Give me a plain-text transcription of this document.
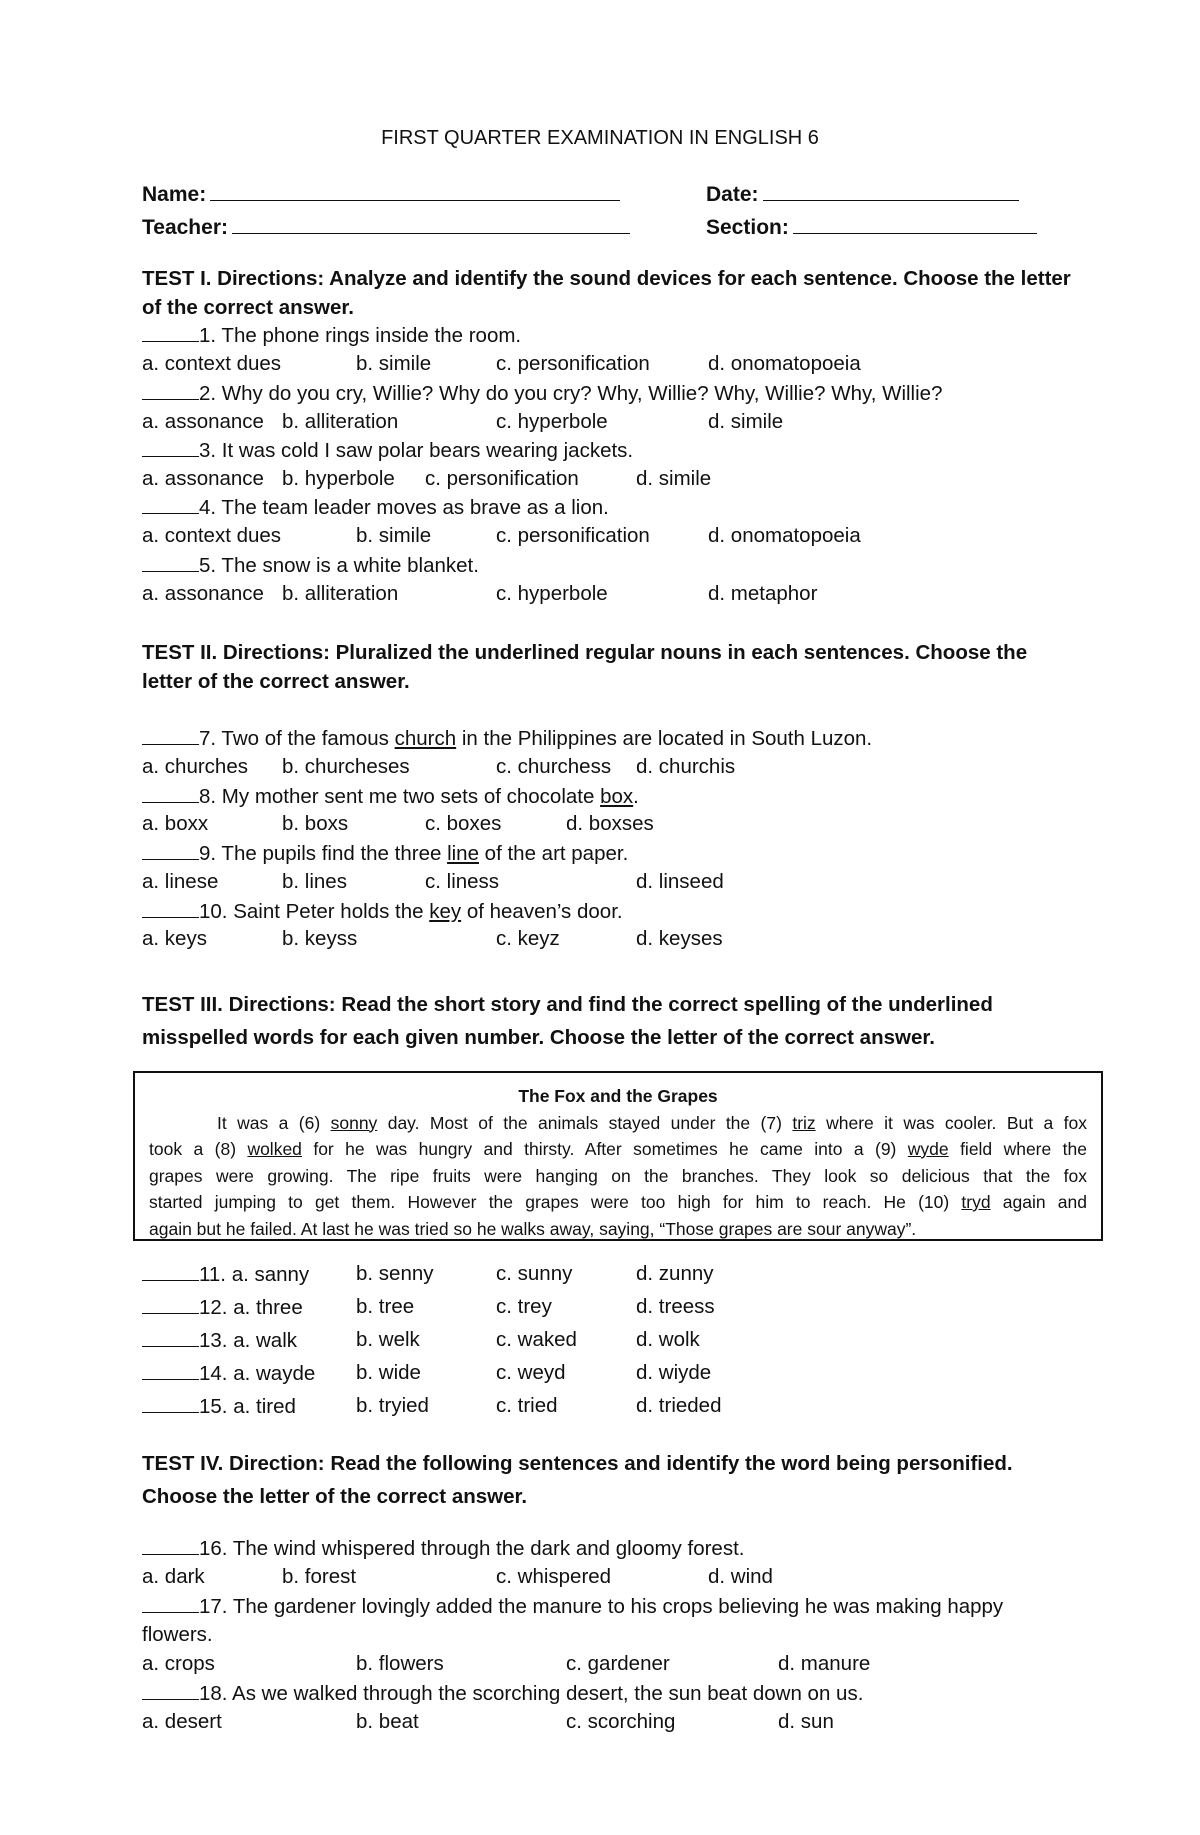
FIRST QUARTER EXAMINATION IN ENGLISH 6
Name:	Date:
Teacher:	Section:
TEST I. Directions: Analyze and identify the sound devices for each sentence. Choose the letter of the correct answer.
1. The phone rings inside the room.
a. context dues	b. simile	c. personification	d. onomatopoeia
2. Why do you cry, Willie? Why do you cry? Why, Willie? Why, Willie? Why, Willie?
a. assonance b. alliteration	c. hyperbole	d. simile
3. It was cold I saw polar bears wearing jackets.
a. assonance b. hyperbole c. personification	d. simile
4. The team leader moves as brave as a lion.
a. context dues	b. simile	c. personification	d. onomatopoeia
5. The snow is a white blanket.
a. assonance b. alliteration	c. hyperbole	d. metaphor
TEST II. Directions: Pluralized the underlined regular nouns in each sentences. Choose the letter of the correct answer.
7. Two of the famous church in the Philippines are located in South Luzon.
a. churches b. churcheses	c. churchess d. churchis
8. My mother sent me two sets of chocolate box.
a. boxx	b. boxs	c. boxes	d. boxses
9. The pupils find the three line of the art paper.
a. linese	b. lines	c. liness	d. linseed
10. Saint Peter holds the key of heaven’s door.
a. keys	b. keyss	c. keyz	d. keyses
TEST III. Directions: Read the short story and find the correct spelling of the underlined misspelled words for each given number. Choose the letter of the correct answer.
The Fox and the Grapes
It was a (6) sonny day. Most of the animals stayed under the (7) triz where it was cooler. But a fox
took a (8) wolked for he was hungry and thirsty. After sometimes he came into a (9) wyde field where the
grapes were growing. The ripe fruits were hanging on the branches. They look so delicious that the fox
started jumping to get them. However the grapes were too high for him to reach. He (10) tryd again and
again but he failed. At last he was tried so he walks away, saying, “Those grapes are sour anyway”.
11. a. sanny b. senny	c. sunny	d. zunny
12. a. three	b. tree	c. trey	d. treess
13. a. walk	b. welk	c. waked	d. wolk
14. a. wayde b. wide	c. weyd	d. wiyde
15. a. tired	b. tryied	c. tried	d. trieded
TEST IV. Direction: Read the following sentences and identify the word being personified. Choose the letter of the correct answer.
16. The wind whispered through the dark and gloomy forest.
a. dark	b. forest	c. whispered	d. wind
17. The gardener lovingly added the manure to his crops believing he was making happy
flowers.
a. crops	b. flowers	c. gardener	d. manure
18. As we walked through the scorching desert, the sun beat down on us.
a. desert	b. beat	c. scorching	d. sun
